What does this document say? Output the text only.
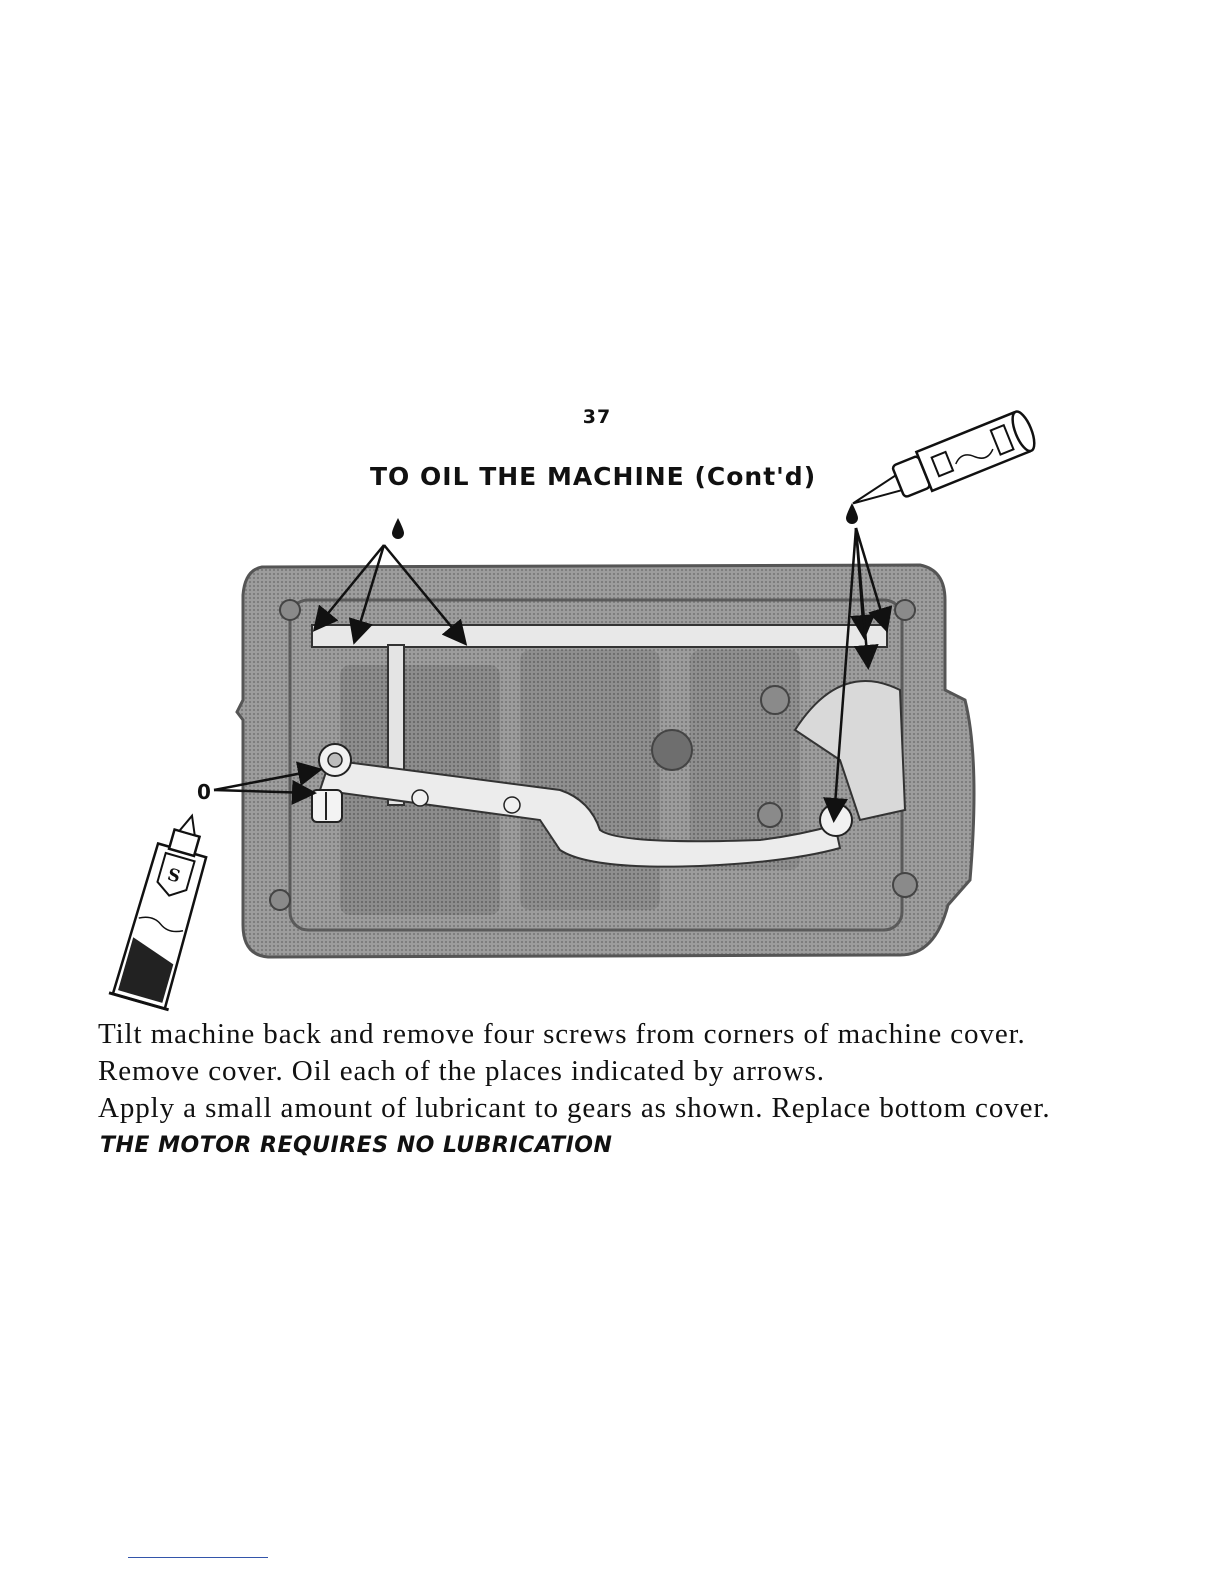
37
TO OIL THE MACHINE (Cont'd)
0
S
Tilt machine back and remove four screws from corners of machine cover.
Remove cover. Oil each of the places indicated by arrows.
Apply a small amount of lubricant to gears as shown. Replace bottom cover.
THE MOTOR REQUIRES NO LUBRICATION
